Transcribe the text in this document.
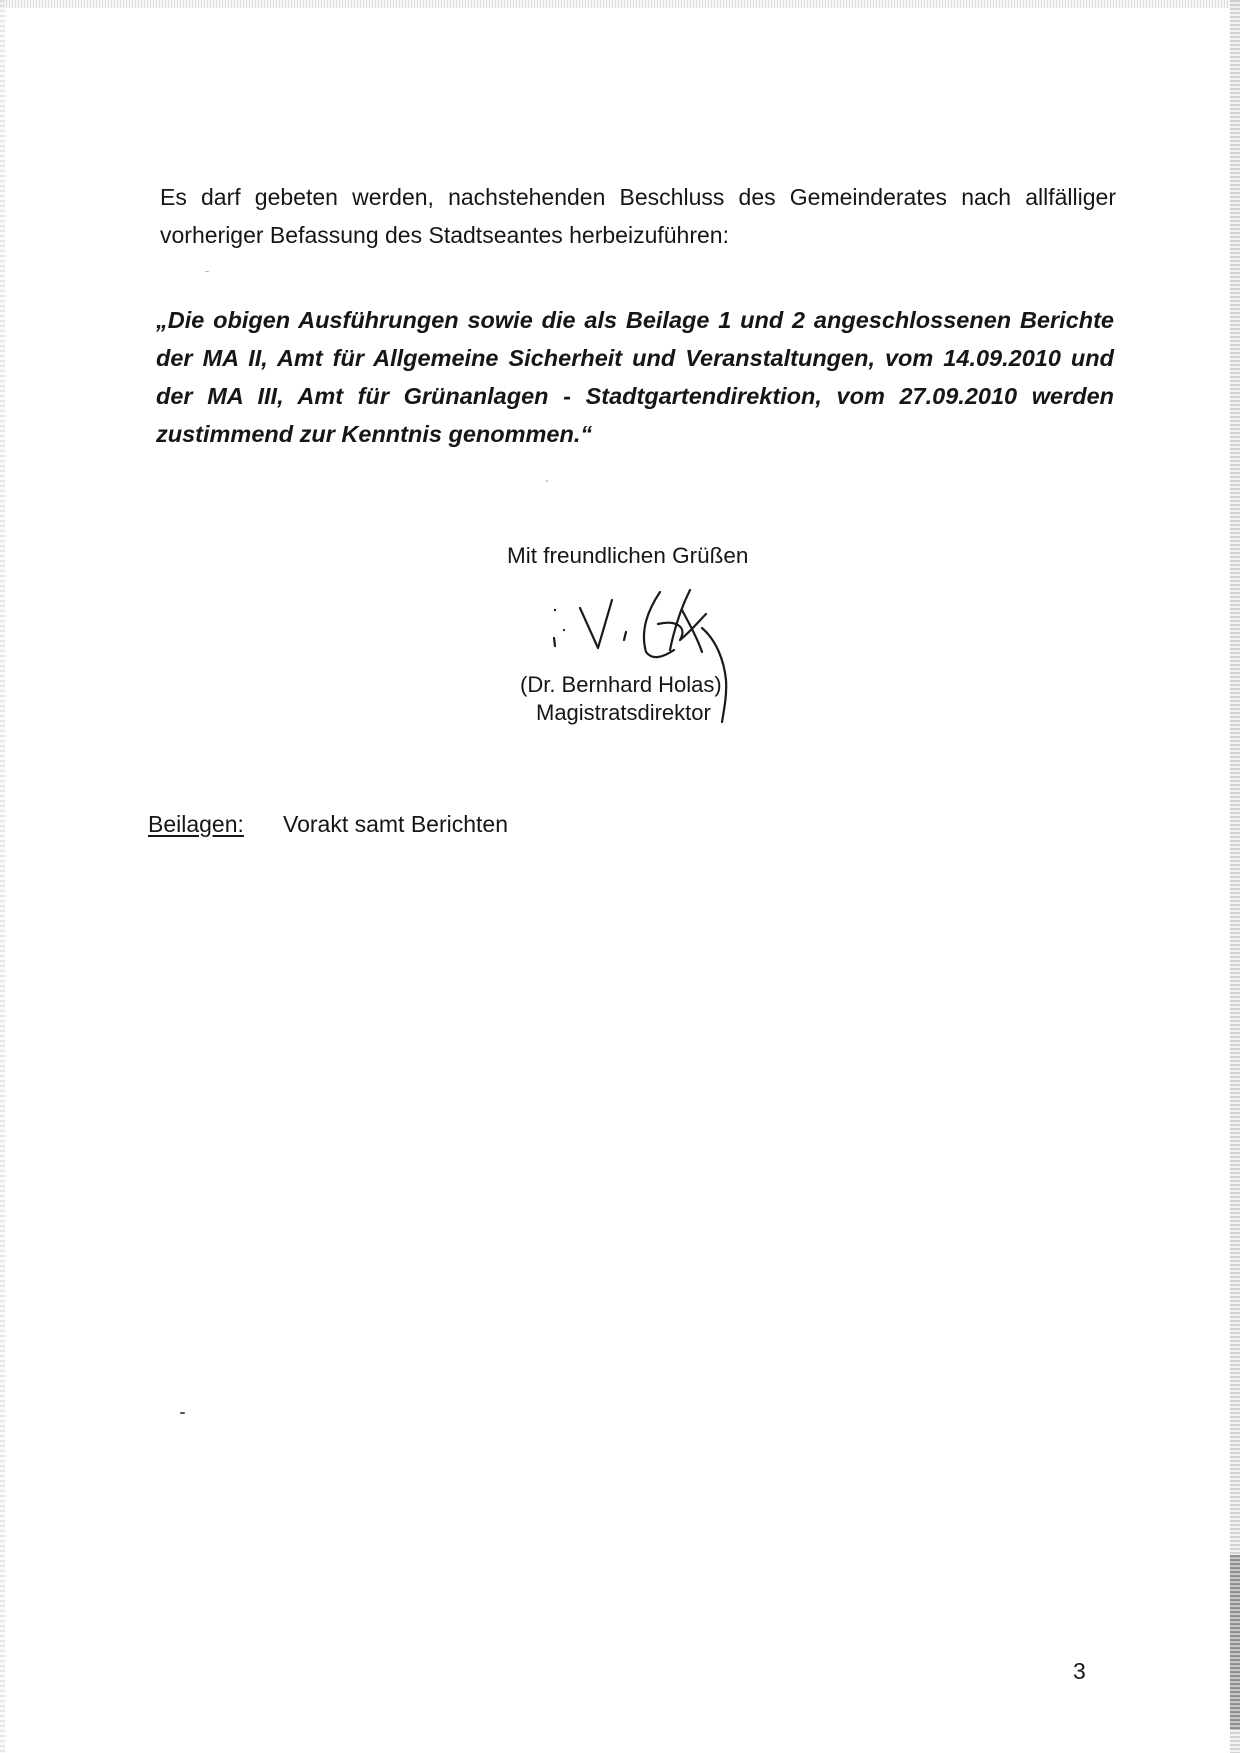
Es darf gebeten werden, nachstehenden Beschluss des Gemeinderates nach allfälliger

vorheriger Befassung des Stadtseantes herbeizuführen:

„Die obigen Ausführungen sowie die als Beilage 1 und 2 angeschlossenen Berichte der MA II, Amt für Allgemeine Sicherheit und Veranstaltungen, vom 14.09.2010 und der MA III, Amt für Grünanlagen - Stadtgartendirektion, vom 27.09.2010 werden zustimmend zur Kenntnis genommen.“

Mit freundlichen Grüßen

(Dr. Bernhard Holas)

Magistratsdirektor

Beilagen: Vorakt samt Berichten

3
